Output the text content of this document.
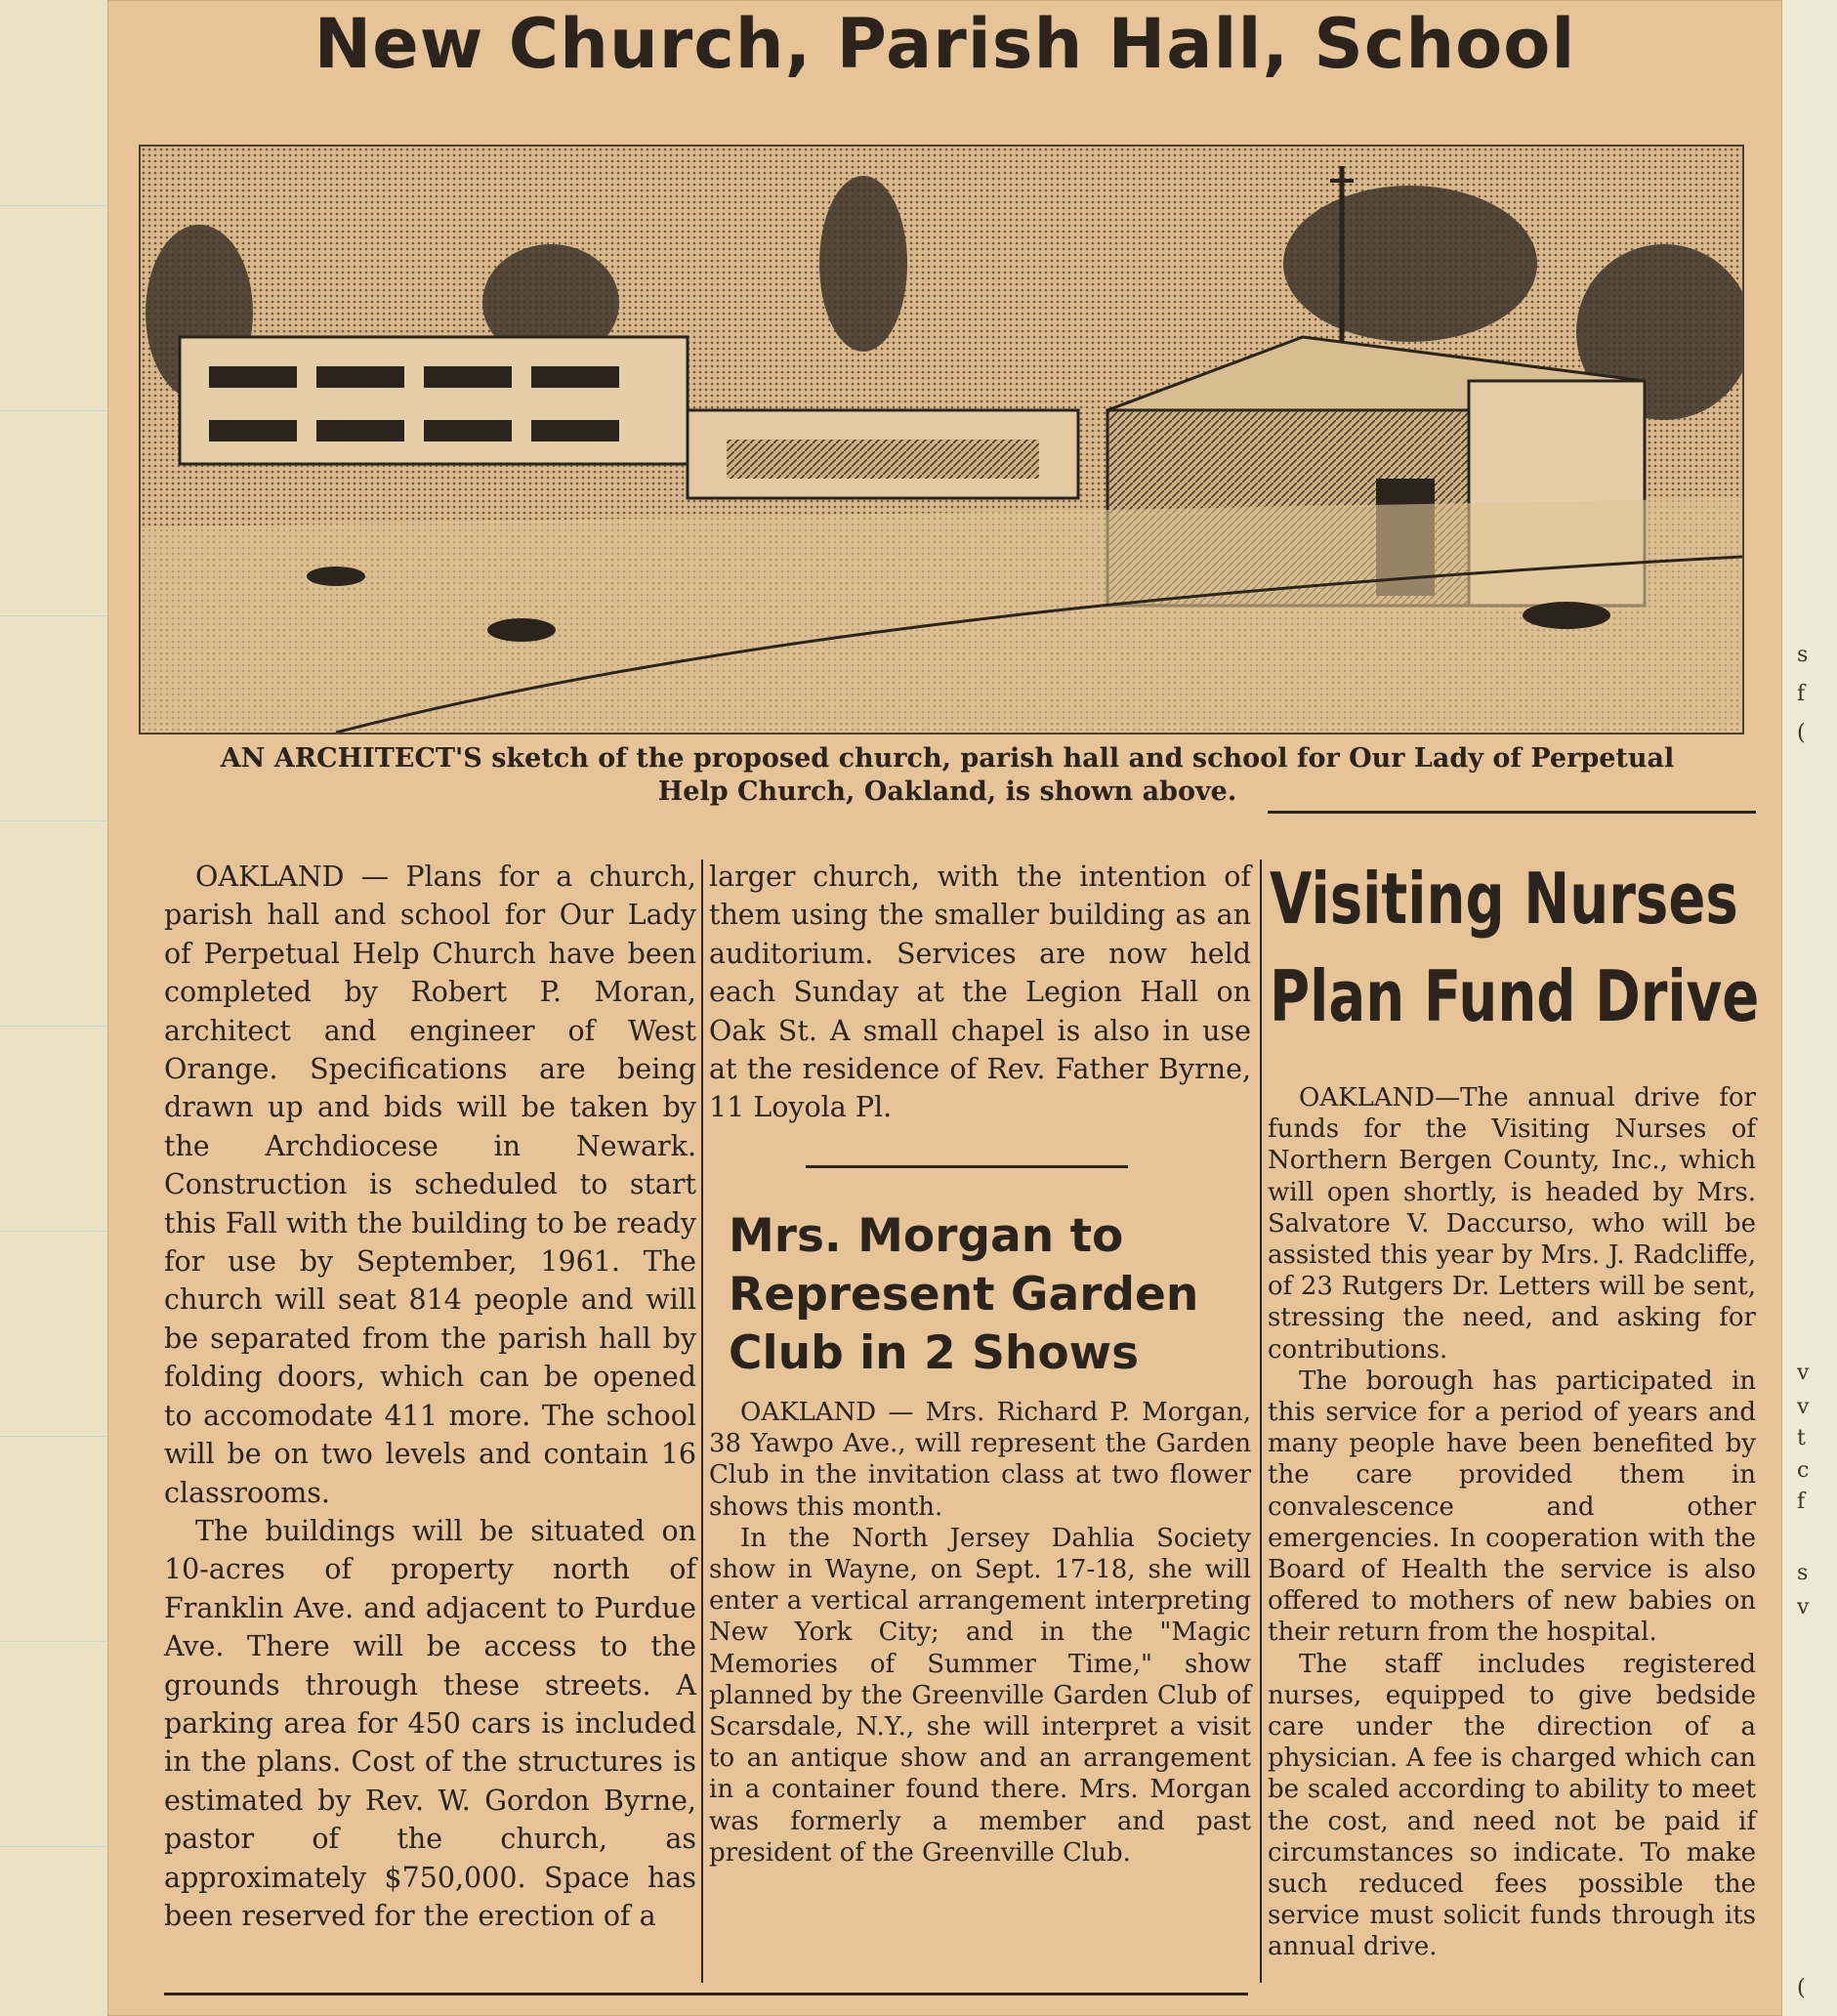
s
f
(
v
v
t
c
f
s
v
(
New Church, Parish Hall, School
AN ARCHITECT'S sketch of the proposed church, parish hall and school for Our Lady of Perpetual
Help Church, Oakland, is shown above.

OAKLAND — Plans for a church, parish hall and school for Our Lady of Perpetual Help Church have been completed by Robert P. Moran, architect and engineer of West Orange. Specifications are being drawn up and bids will be taken by the Archdiocese in Newark. Construction is scheduled to start this Fall with the building to be ready for use by September, 1961. The church will seat 814 people and will be separated from the parish hall by folding doors, which can be opened to accomodate 411 more. The school will be on two levels and contain 16 classrooms.

The buildings will be situated on 10-acres of property north of Franklin Ave. and adjacent to Purdue Ave. There will be access to the grounds through these streets. A parking area for 450 cars is included in the plans. Cost of the structures is estimated by Rev. W. Gordon Byrne, pastor of the church, as approximately $750,000. Space has been reserved for the erection of a

larger church, with the intention of them using the smaller building as an auditorium. Services are now held each Sunday at the Legion Hall on Oak St. A small chapel is also in use at the residence of Rev. Father Byrne, 11 Loyola Pl.

Mrs. Morgan to
Represent Garden
Club in 2 Shows

OAKLAND — Mrs. Richard P. Morgan, 38 Yawpo Ave., will represent the Garden Club in the invitation class at two flower shows this month.

In the North Jersey Dahlia Society show in Wayne, on Sept. 17-18, she will enter a vertical arrangement interpreting New York City; and in the "Magic Memories of Summer Time," show planned by the Greenville Garden Club of Scarsdale, N.Y., she will interpret a visit to an antique show and an arrangement in a container found there. Mrs. Morgan was formerly a member and past president of the Greenville Club.

Visiting Nurses
Plan Fund Drive

OAKLAND—The annual drive for funds for the Visiting Nurses of Northern Bergen County, Inc., which will open shortly, is headed by Mrs. Salvatore V. Daccurso, who will be assisted this year by Mrs. J. Radcliffe, of 23 Rutgers Dr. Letters will be sent, stressing the need, and asking for contributions.

The borough has participated in this service for a period of years and many people have been benefited by the care provided them in convalescence and other emergencies. In cooperation with the Board of Health the service is also offered to mothers of new babies on their return from the hospital.

The staff includes registered nurses, equipped to give bedside care under the direction of a physician. A fee is charged which can be scaled according to ability to meet the cost, and need not be paid if circumstances so indicate. To make such reduced fees possible the service must solicit funds through its annual drive.
